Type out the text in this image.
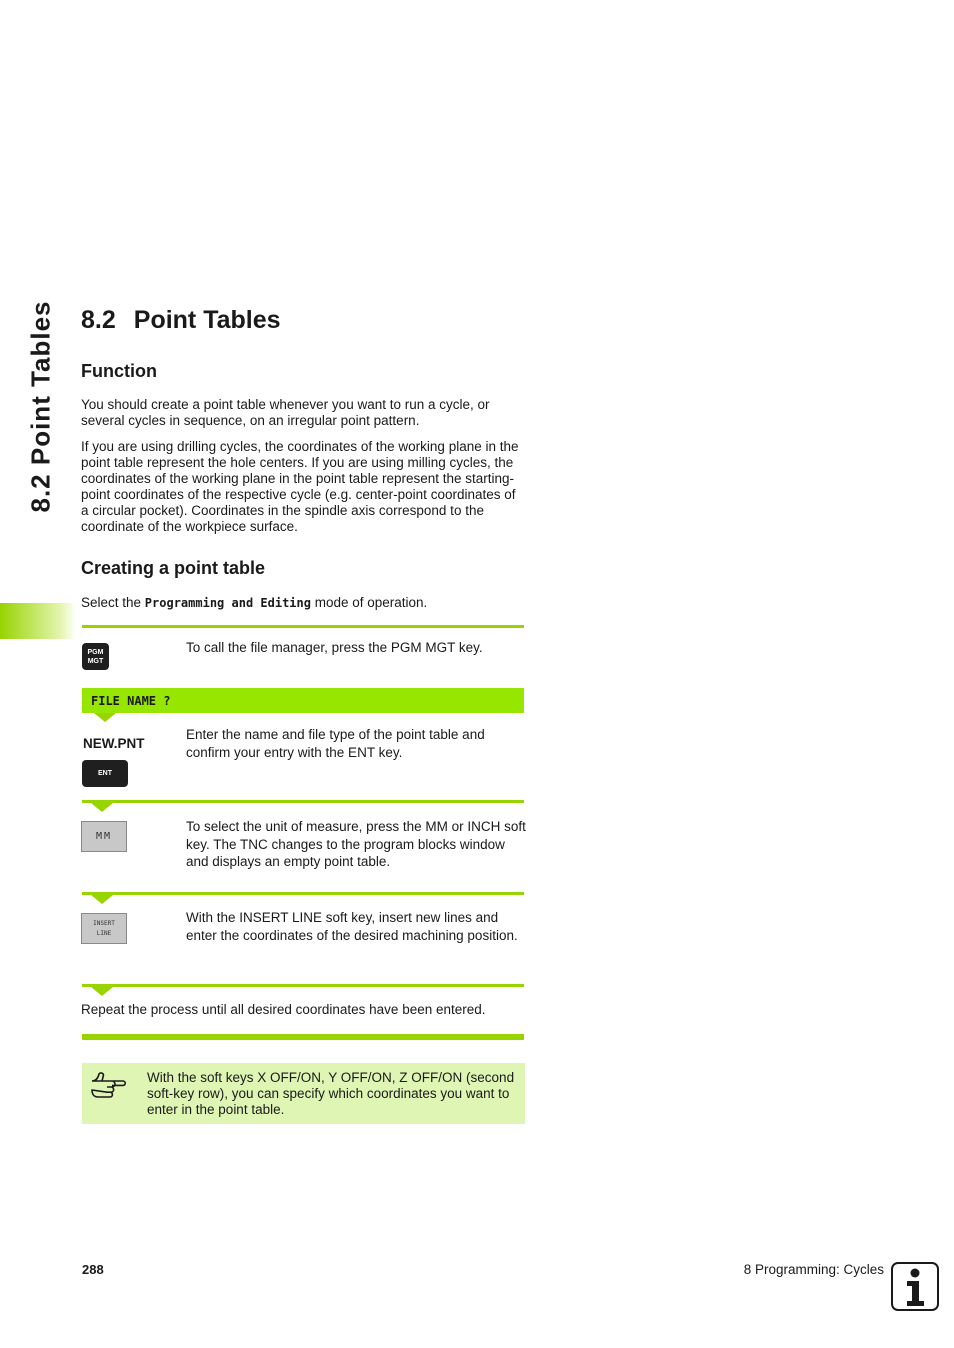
8.2 Point Tables 8.2 Point Tables
Function

You should create a point table whenever you want to run a cycle, or several cycles in sequence, on an irregular point pattern.

If you are using drilling cycles, the coordinates of the working plane in the point table represent the hole centers. If you are using milling cycles, the coordinates of the working plane in the point table represent the starting-point coordinates of the respective cycle (e.g. center-point coordinates of a circular pocket). Coordinates in the spindle axis correspond to the coordinate of the workpiece surface.

Creating a point table

Select the Programming and Editing mode of operation.

PGM
MGT
To call the file manager, press the PGM MGT key.
FILE NAME ?
NEW.PNT
ENT
Enter the name and file type of the point table and confirm your entry with the ENT key.
MM
To select the unit of measure, press the MM or INCH soft key. The TNC changes to the program blocks window and displays an empty point table.
INSERT
LINE
With the INSERT LINE soft key, insert new lines and enter the coordinates of the desired machining position.

Repeat the process until all desired coordinates have been entered.

With the soft keys X OFF/ON, Y OFF/ON, Z OFF/ON (second soft-key row), you can specify which coordinates you want to enter in the point table.

288	8 Programming: Cycles
